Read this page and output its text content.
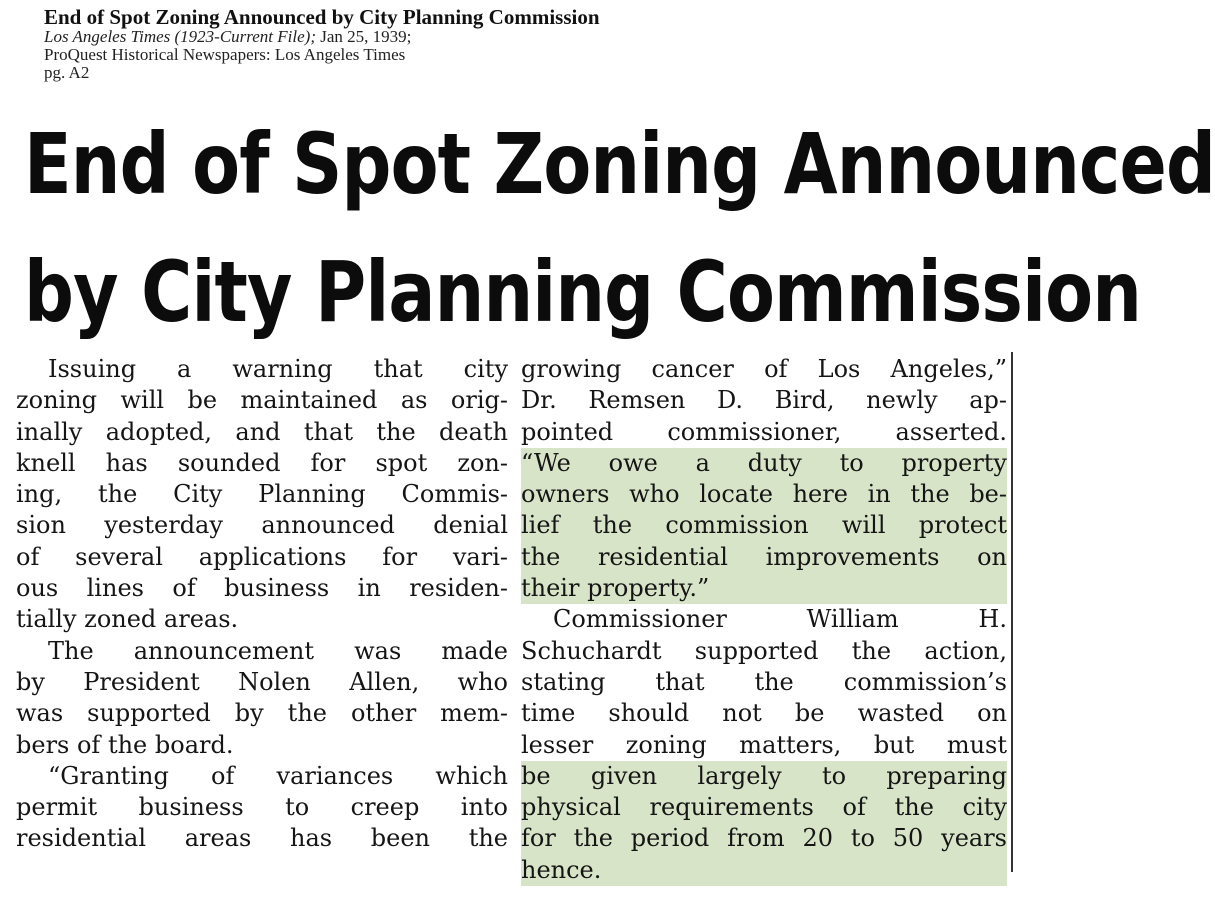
End of Spot Zoning Announced by City Planning Commission
Los Angeles Times (1923-Current File); Jan 25, 1939;
ProQuest Historical Newspapers: Los Angeles Times
pg. A2
End of Spot Zoning Announced
by City Planning Commission
Issuing a warning that city
zoning will be maintained as orig-
inally adopted, and that the death
knell has sounded for spot zon-
ing, the City Planning Commis-
sion yesterday announced denial
of several applications for vari-
ous lines of business in residen-
tially zoned areas.
The announcement was made
by President Nolen Allen, who
was supported by the other mem-
bers of the board.
“Granting of variances which
permit business to creep into
residential areas has been the
growing cancer of Los Angeles,”
Dr. Remsen D. Bird, newly ap-
pointed commissioner, asserted.
“We owe a duty to property
owners who locate here in the be-
lief the commission will protect
the residential improvements on
their property.”
Commissioner William H.
Schuchardt supported the action,
stating that the commission’s
time should not be wasted on
lesser zoning matters, but must
be given largely to preparing
physical requirements of the city
for the period from 20 to 50 years
hence.
